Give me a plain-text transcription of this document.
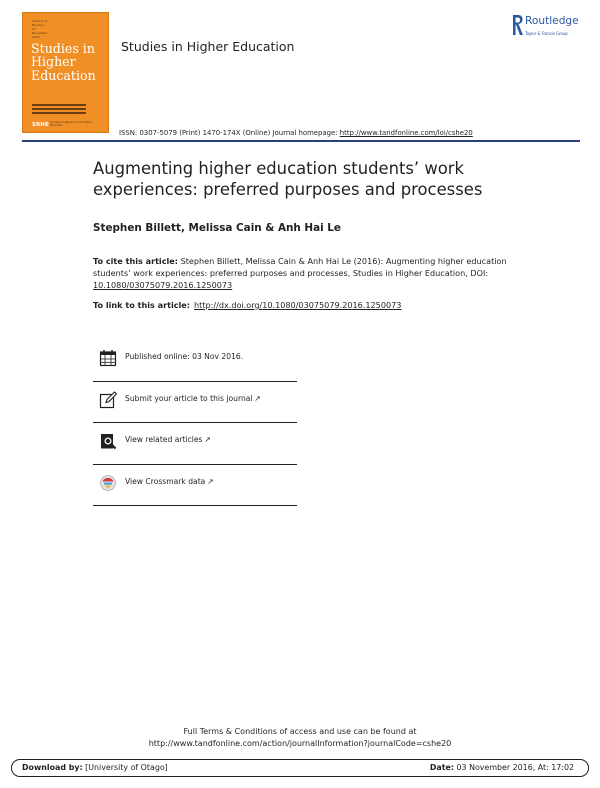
Volume 41 Number 11 November 2016
Studies in Higher Education
SRHE Society for Research into Higher Education
Studies in Higher Education
Routledge
Taylor & Francis Group
ISSN: 0307-5079 (Print) 1470-174X (Online) Journal homepage: http://www.tandfonline.com/loi/cshe20
Augmenting higher education students’ work experiences: preferred purposes and processes
Stephen Billett, Melissa Cain & Anh Hai Le
To cite this article: Stephen Billett, Melissa Cain & Anh Hai Le (2016): Augmenting higher education students’ work experiences: preferred purposes and processes, Studies in Higher Education, DOI: 10.1080/03075079.2016.1250073
To link to this article: http://dx.doi.org/10.1080/03075079.2016.1250073
Published online: 03 Nov 2016.
Submit your article to this journal ↗
View related articles ↗
View Crossmark data ↗
Full Terms & Conditions of access and use can be found at
http://www.tandfonline.com/action/journalInformation?journalCode=cshe20
Download by: [University of Otago]	Date: 03 November 2016, At: 17:02
